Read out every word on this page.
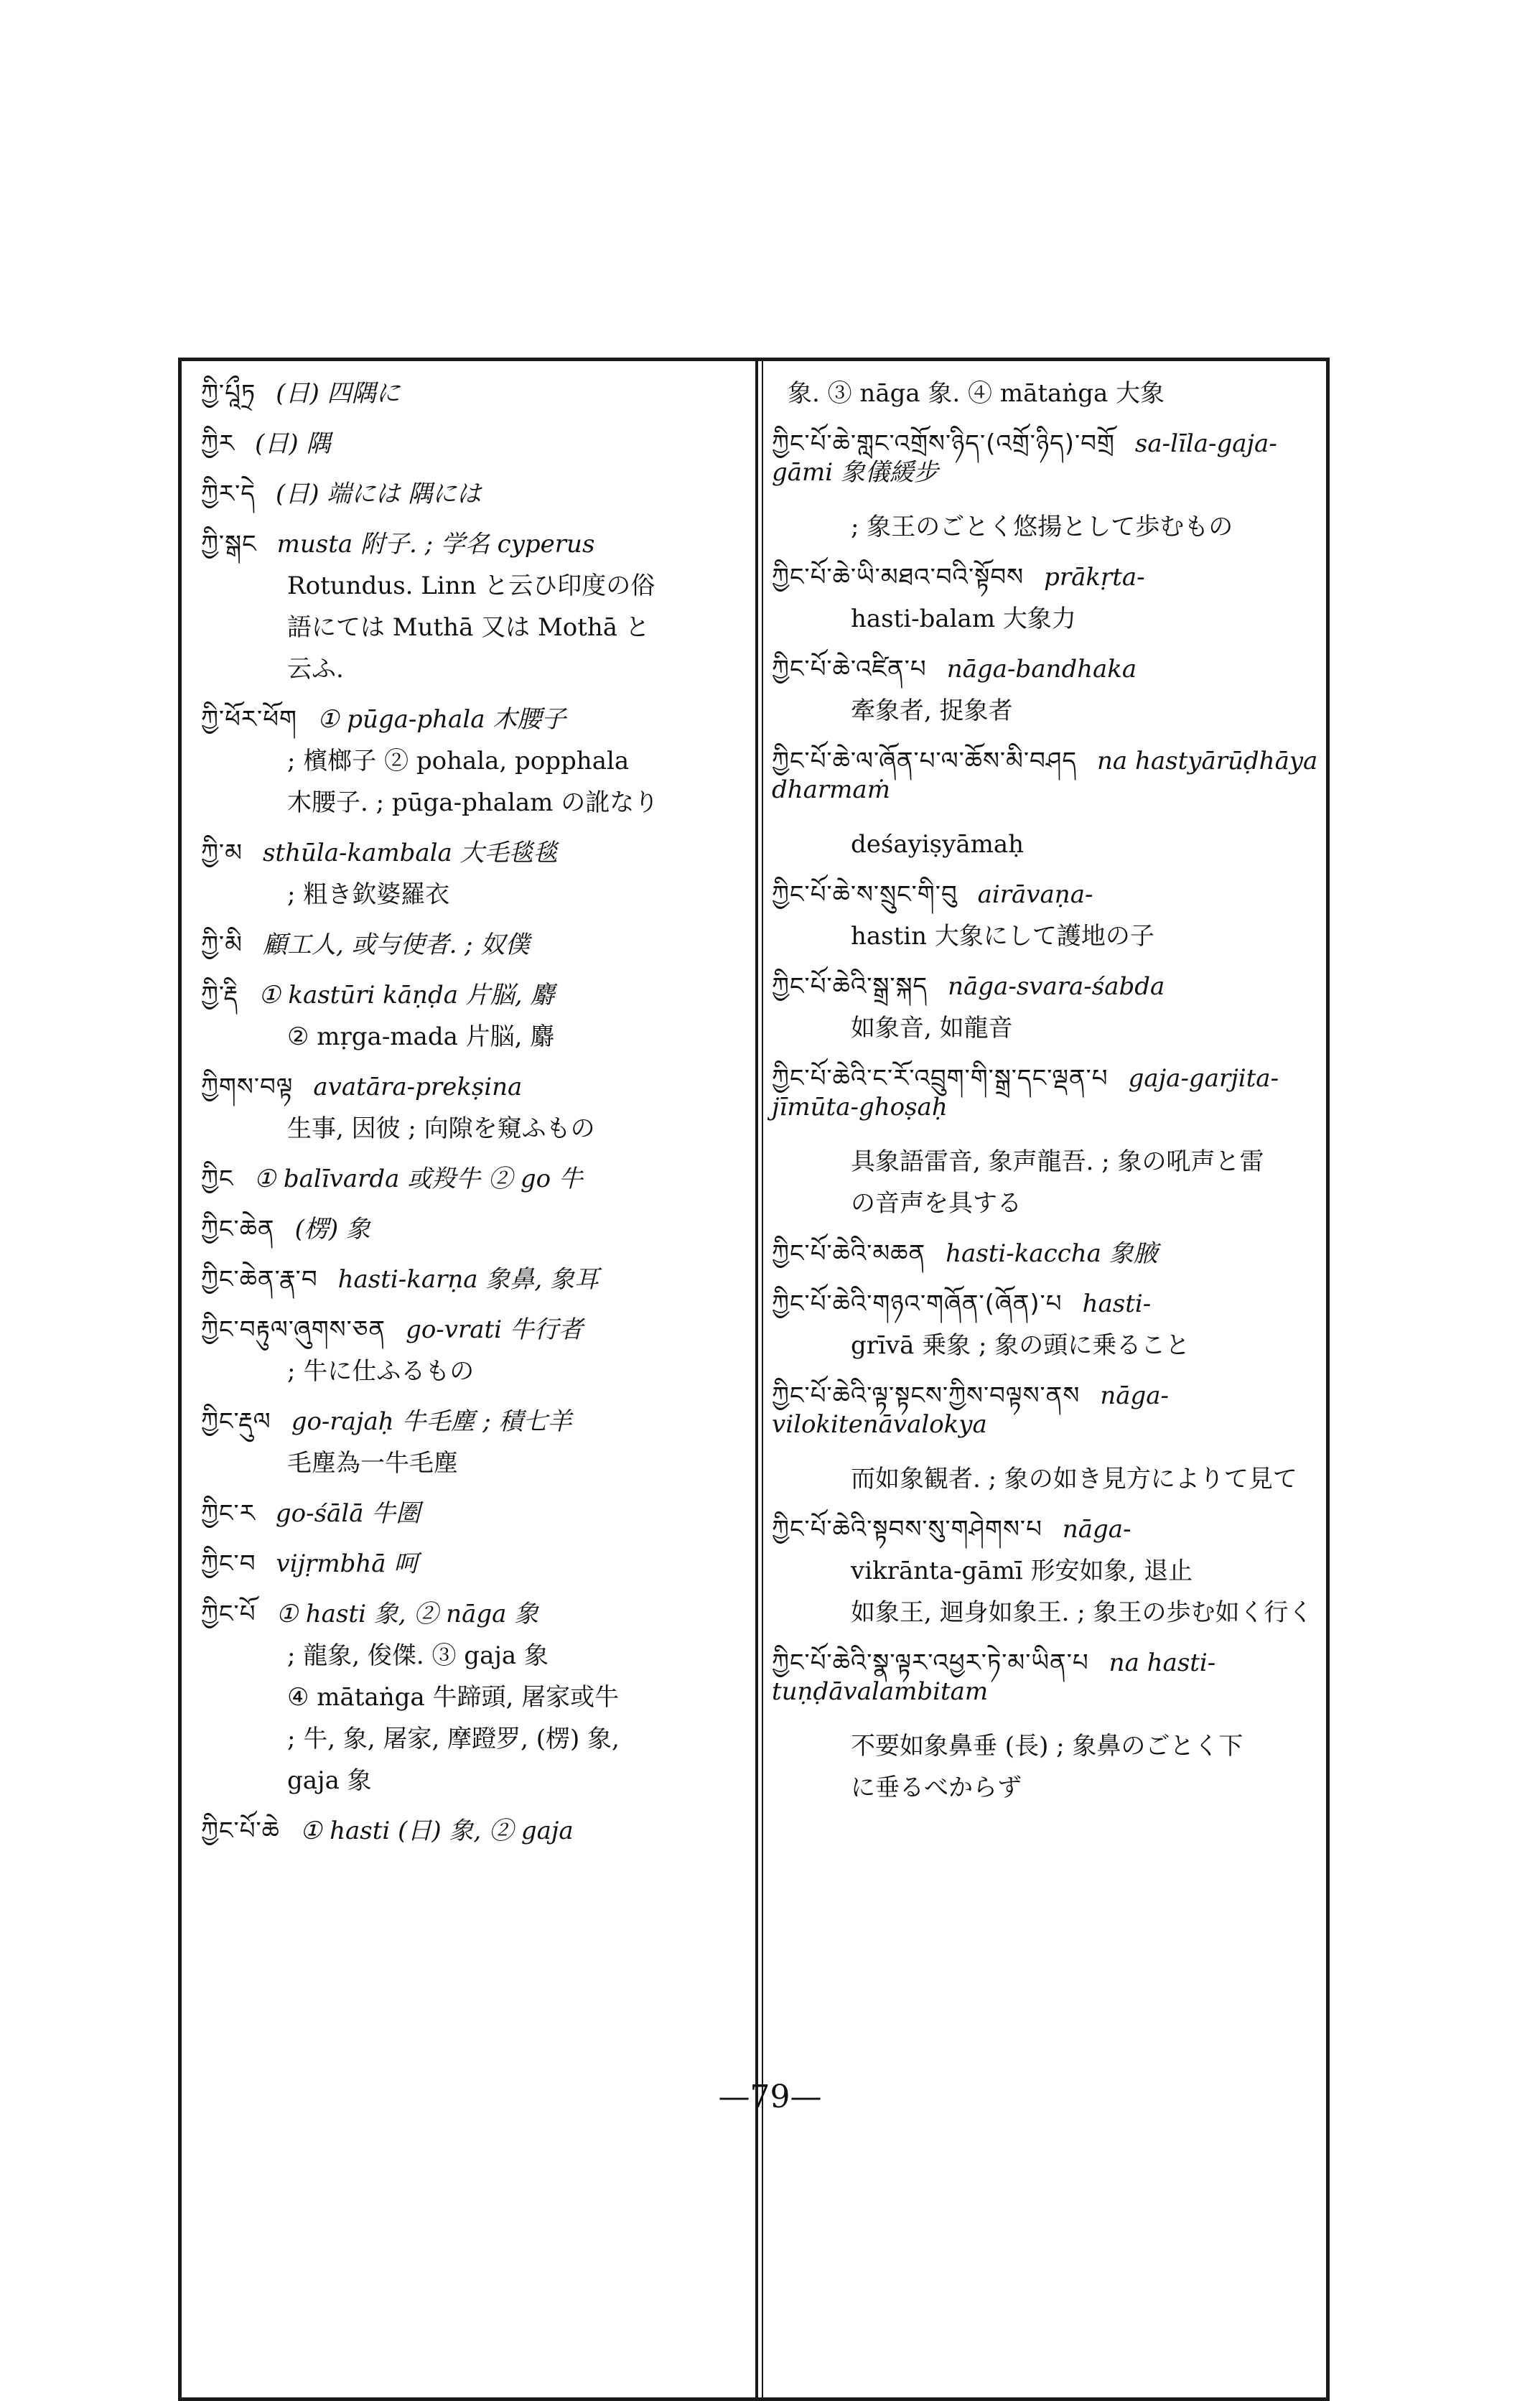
ཀྱི་པཱྀཏྲ (日) 四隅に
ཀྱིར (日) 隅
ཀྱིར་དེ (日) 端には 隅には
ཀྱི་སྒང musta 附子. ; 学名 cyperus
Rotundus. Linn と云ひ印度の俗
語にては Muthā 又は Mothā と
云ふ.
ཀྱི་ཕོར་ཕོག ① pūga-phala 木腰子
; 檳榔子 ② pohala, popphala
木腰子. ; pūga-phalam の訛なり
ཀྱི་མ sthūla-kambala 大毛毯毯
; 粗き欽婆羅衣
ཀྱི་མི 顧工人, 或与使者. ; 奴僕
ཀྱི་རྡི ① kastūri kāṇḍa 片脳, 麝
② mṛga-mada 片脳, 麝
ཀྱིགས་བལྟ avatāra-prekṣina
生事, 因彼 ; 向隙を窺ふもの
ཀྱིང ① balīvarda 或羖牛 ② go 牛
ཀྱིང་ཆེན (楞) 象
ཀྱིང་ཆེན་རྣ་བ hasti-karṇa 象鼻, 象耳
ཀྱིང་བརྟུལ་ཞུགས་ཅན go-vrati 牛行者
; 牛に仕ふるもの
ཀྱིང་རྡུལ go-rajaḥ 牛毛塵 ; 積七羊
毛塵為一牛毛塵
ཀྱིང་ར go-śālā 牛圏
ཀྱིང་བ vijṛmbhā 呵
ཀྱིང་པོ ① hasti 象, ② nāga 象
; 龍象, 俊傑. ③ gaja 象
④ mātaṅga 牛蹄頭, 屠家或牛
; 牛, 象, 屠家, 摩蹬罗, (楞) 象,
gaja 象
ཀྱིང་པོ་ཆེ ① hasti (日) 象, ② gaja
象. ③ nāga 象. ④ mātaṅga 大象
ཀྱིང་པོ་ཆེ་གླང་འགྲོས་ཉིད་(འགྲོ་ཉིད)་བགྲོ sa-līla-gaja-gāmi 象儀緩步
; 象王のごとく悠揚として歩むもの
ཀྱིང་པོ་ཆེ་ཡི་མཐའ་བའི་སྟོབས prākṛta-
hasti-balam 大象力
ཀྱིང་པོ་ཆེ་འཛིན་པ nāga-bandhaka
牽象者, 捉象者
ཀྱིང་པོ་ཆེ་ལ་ཞོན་པ་ལ་ཆོས་མི་བཤད na hastyārūḍhāya dharmaṁ
deśayiṣyāmaḥ
ཀྱིང་པོ་ཆེ་ས་སྲུང་གི་བུ airāvaṇa-
hastin 大象にして護地の子
ཀྱིང་པོ་ཆེའི་སྒྲ་སྐད nāga-svara-śabda
如象音, 如龍音
ཀྱིང་པོ་ཆེའི་ང་རོ་འབྲུག་གི་སྒྲ་དང་ལྡན་པ gaja-garjita-jīmūta-ghoṣaḥ
具象語雷音, 象声龍吾. ; 象の吼声と雷
の音声を具する
ཀྱིང་པོ་ཆེའི་མཆན hasti-kaccha 象腋
ཀྱིང་པོ་ཆེའི་གཉའ་གཞོན་(ཞོན)་པ hasti-
grīvā 乗象 ; 象の頭に乗ること
ཀྱིང་པོ་ཆེའི་ལྟ་སྟངས་ཀྱིས་བལྟས་ནས nāga-vilokitenāvalokya
而如象観者. ; 象の如き見方によりて見て
ཀྱིང་པོ་ཆེའི་སྟབས་སུ་གཤེགས་པ nāga-
vikrānta-gāmī 形安如象, 退止
如象王, 迴身如象王. ; 象王の歩む如く行く
ཀྱིང་པོ་ཆེའི་སྣ་ལྟར་འཕྱར་ཏེ་མ་ཡིན་པ na hasti-tuṇḍāvalambitam
不要如象鼻垂 (長) ; 象鼻のごとく下
に垂るべからず
—79—
